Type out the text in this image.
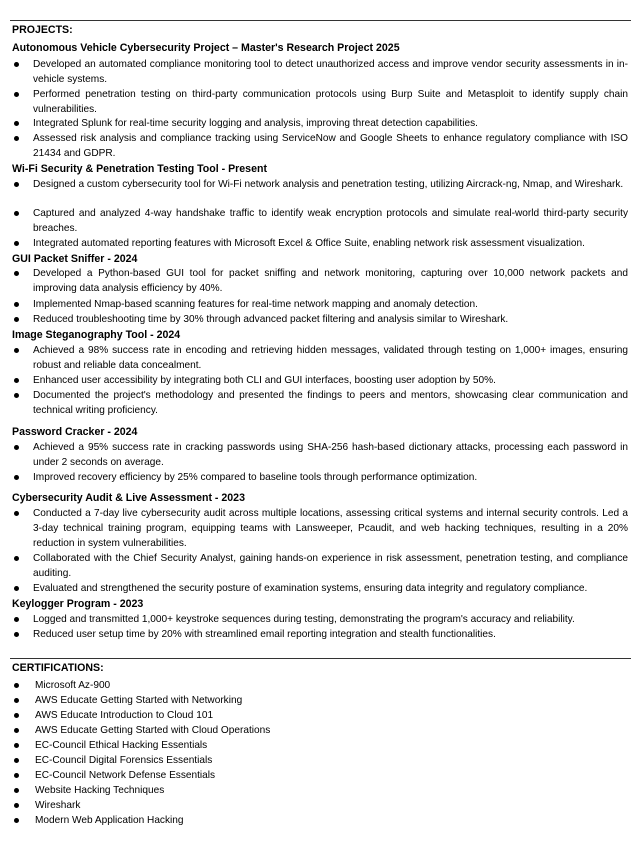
PROJECTS:
Autonomous Vehicle Cybersecurity Project – Master's Research Project 2025
Developed an automated compliance monitoring tool to detect unauthorized access and improve vendor security assessments in in-vehicle systems.
Performed penetration testing on third-party communication protocols using Burp Suite and Metasploit to identify supply chain vulnerabilities.
Integrated Splunk for real-time security logging and analysis, improving threat detection capabilities.
Assessed risk analysis and compliance tracking using ServiceNow and Google Sheets to enhance regulatory compliance with ISO 21434 and GDPR.
Wi-Fi Security & Penetration Testing Tool - Present
Designed a custom cybersecurity tool for Wi-Fi network analysis and penetration testing, utilizing Aircrack-ng, Nmap, and Wireshark.
Captured and analyzed 4-way handshake traffic to identify weak encryption protocols and simulate real-world third-party security breaches.
Integrated automated reporting features with Microsoft Excel & Office Suite, enabling network risk assessment visualization.
GUI Packet Sniffer - 2024
Developed a Python-based GUI tool for packet sniffing and network monitoring, capturing over 10,000 network packets and improving data analysis efficiency by 40%.
Implemented Nmap-based scanning features for real-time network mapping and anomaly detection.
Reduced troubleshooting time by 30% through advanced packet filtering and analysis similar to Wireshark.
Image Steganography Tool - 2024
Achieved a 98% success rate in encoding and retrieving hidden messages, validated through testing on 1,000+ images, ensuring robust and reliable data concealment.
Enhanced user accessibility by integrating both CLI and GUI interfaces, boosting user adoption by 50%.
Documented the project's methodology and presented the findings to peers and mentors, showcasing clear communication and technical writing proficiency.
Password Cracker - 2024
Achieved a 95% success rate in cracking passwords using SHA-256 hash-based dictionary attacks, processing each password in under 2 seconds on average.
Improved recovery efficiency by 25% compared to baseline tools through performance optimization.
Cybersecurity Audit & Live Assessment - 2023
Conducted a 7-day live cybersecurity audit across multiple locations, assessing critical systems and internal security controls. Led a 3-day technical training program, equipping teams with Lansweeper, Pcaudit, and web hacking techniques, resulting in a 20% reduction in system vulnerabilities.
Collaborated with the Chief Security Analyst, gaining hands-on experience in risk assessment, penetration testing, and compliance auditing.
Evaluated and strengthened the security posture of examination systems, ensuring data integrity and regulatory compliance.
Keylogger Program - 2023
Logged and transmitted 1,000+ keystroke sequences during testing, demonstrating the program's accuracy and reliability.
Reduced user setup time by 20% with streamlined email reporting integration and stealth functionalities.
CERTIFICATIONS:
Microsoft Az-900
AWS Educate Getting Started with Networking
AWS Educate Introduction to Cloud 101
AWS Educate Getting Started with Cloud Operations
EC-Council Ethical Hacking Essentials
EC-Council Digital Forensics Essentials
EC-Council Network Defense Essentials
Website Hacking Techniques
Wireshark
Modern Web Application Hacking
